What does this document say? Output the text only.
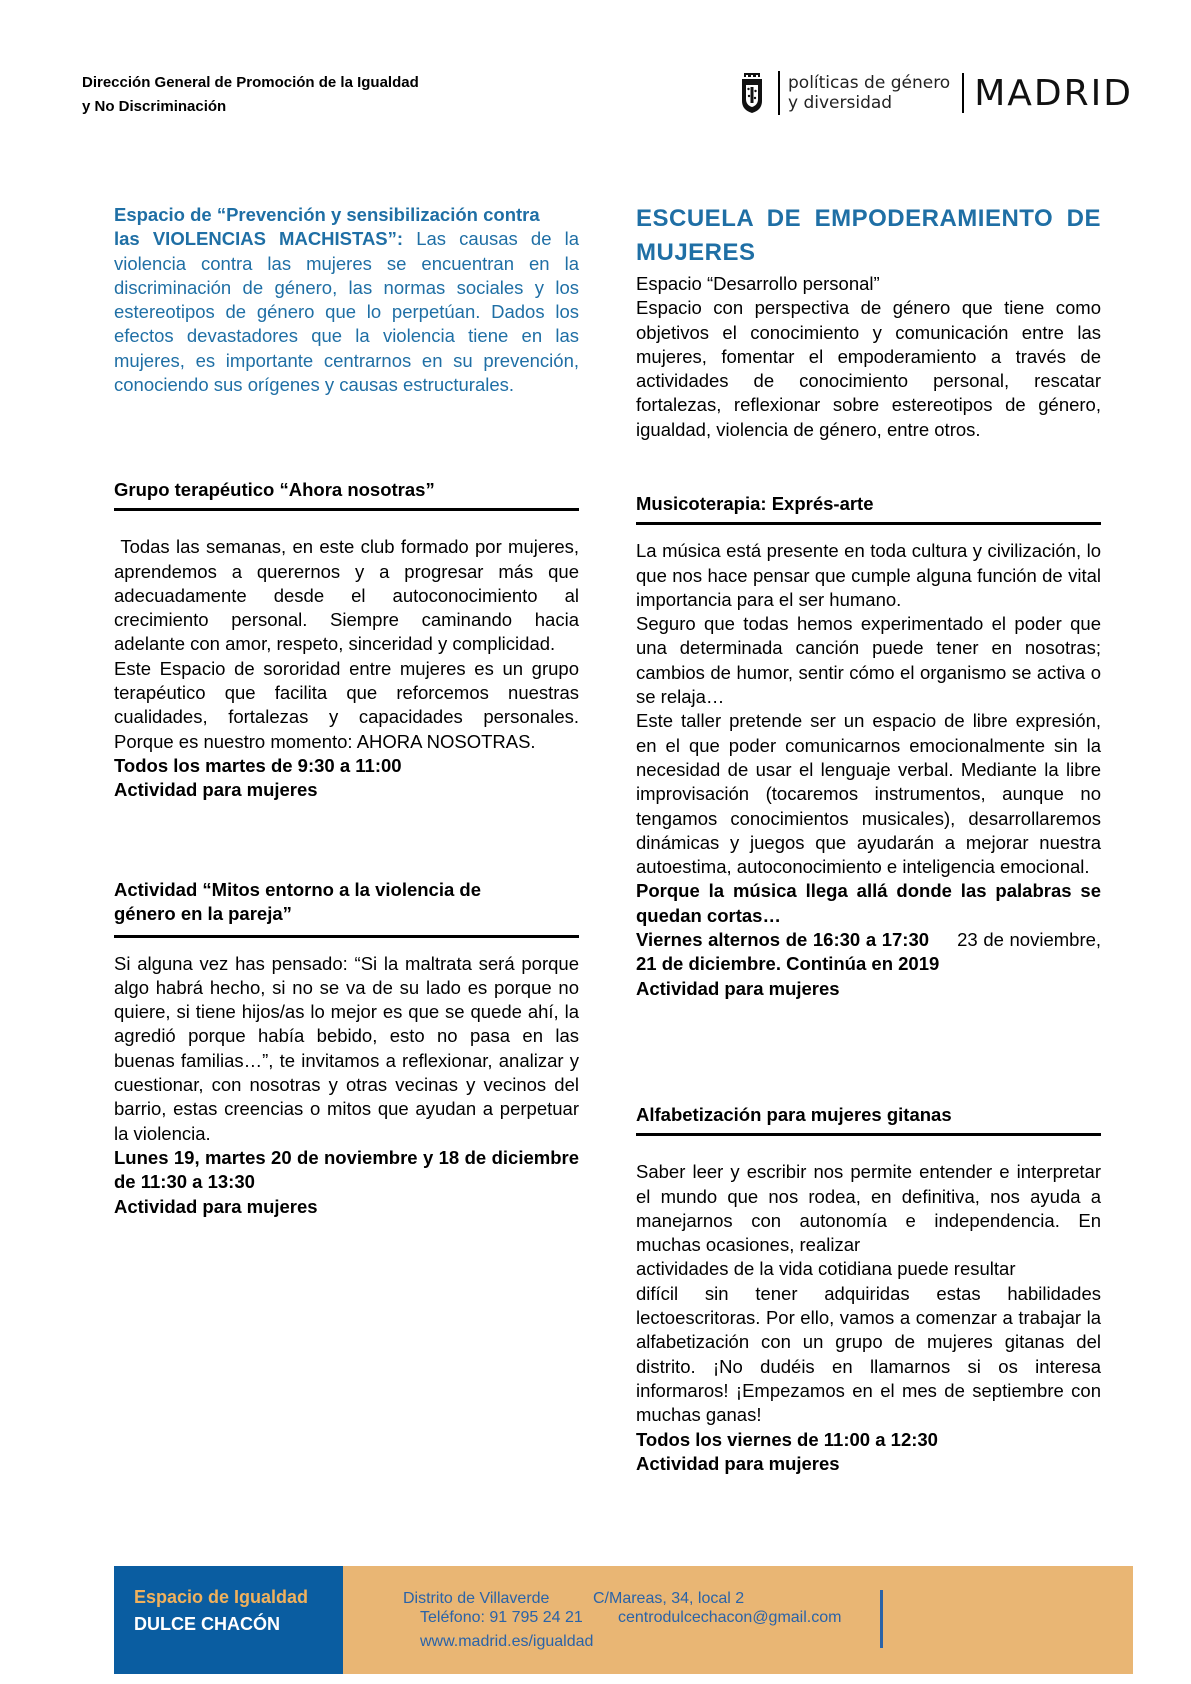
Dirección General de Promoción de la Igualdad
y No Discriminación
políticas de género
y diversidad	MADRID
Espacio de “Prevención y sensibilización contra
las VIOLENCIAS MACHISTAS”: Las causas de la violencia contra las mujeres se encuentran en la discriminación de género, las normas sociales y los estereotipos de género que lo perpetúan. Dados los efectos devastadores que la violencia tiene en las mujeres, es importante centrarnos en su prevención, conociendo sus orígenes y causas estructurales.
Grupo terapéutico “Ahora nosotras”
Todas las semanas, en este club formado por mujeres, aprendemos a querernos y a progresar más que adecuadamente desde el autoconocimiento al crecimiento personal. Siempre caminando hacia adelante con amor, respeto, sinceridad y complicidad.
Este Espacio de sororidad entre mujeres es un grupo terapéutico que facilita que reforcemos nuestras cualidades, fortalezas y capacidades personales. Porque es nuestro momento: AHORA NOSOTRAS.
Todos los martes de 9:30 a 11:00
Actividad para mujeres
Actividad “Mitos entorno a la violencia de
género en la pareja”
Si alguna vez has pensado: “Si la maltrata será porque algo habrá hecho, si no se va de su lado es porque no quiere, si tiene hijos/as lo mejor es que se quede ahí, la agredió porque había bebido, esto no pasa en las buenas familias…”, te invitamos a reflexionar, analizar y cuestionar, con nosotras y otras vecinas y vecinos del barrio, estas creencias o mitos que ayudan a perpetuar la violencia.
Lunes 19, martes 20 de noviembre y 18 de diciembre de 11:30 a 13:30
Actividad para mujeres
ESCUELA DE EMPODERAMIENTO DE MUJERES
Espacio “Desarrollo personal”
Espacio con perspectiva de género que tiene como objetivos el conocimiento y comunicación entre las mujeres, fomentar el empoderamiento a través de actividades de conocimiento personal, rescatar fortalezas, reflexionar sobre estereotipos de género, igualdad, violencia de género, entre otros.
Musicoterapia: Exprés-arte
La música está presente en toda cultura y civilización, lo que nos hace pensar que cumple alguna función de vital importancia para el ser humano.
Seguro que todas hemos experimentado el poder que una determinada canción puede tener en nosotras; cambios de humor, sentir cómo el organismo se activa o se relaja…
Este taller pretende ser un espacio de libre expresión, en el que poder comunicarnos emocionalmente sin la necesidad de usar el lenguaje verbal. Mediante la libre improvisación (tocaremos instrumentos, aunque no tengamos conocimientos musicales), desarrollaremos dinámicas y juegos que ayudarán a mejorar nuestra autoestima, autoconocimiento e inteligencia emocional.
Porque la música llega allá donde las palabras se quedan cortas…
Viernes alternos de 16:30 a 17:30 23 de noviembre, 21 de diciembre. Continúa en 2019
Actividad para mujeres
Alfabetización para mujeres gitanas
Saber leer y escribir nos permite entender e interpretar el mundo que nos rodea, en definitiva, nos ayuda a manejarnos con autonomía e independencia. En muchas ocasiones, realizar
actividades de la vida cotidiana puede resultar
difícil sin tener adquiridas estas habilidades lectoescritoras. Por ello, vamos a comenzar a trabajar la alfabetización con un grupo de mujeres gitanas del distrito. ¡No dudéis en llamarnos si os interesa informaros! ¡Empezamos en el mes de septiembre con muchas ganas!
Todos los viernes de 11:00 a 12:30
Actividad para mujeres
Espacio de Igualdad
DULCE CHACÓN
Distrito de Villaverde	C/Mareas, 34, local 2
Teléfono: 91 795 24 21 centrodulcechacon@gmail.com
www.madrid.es/igualdad
